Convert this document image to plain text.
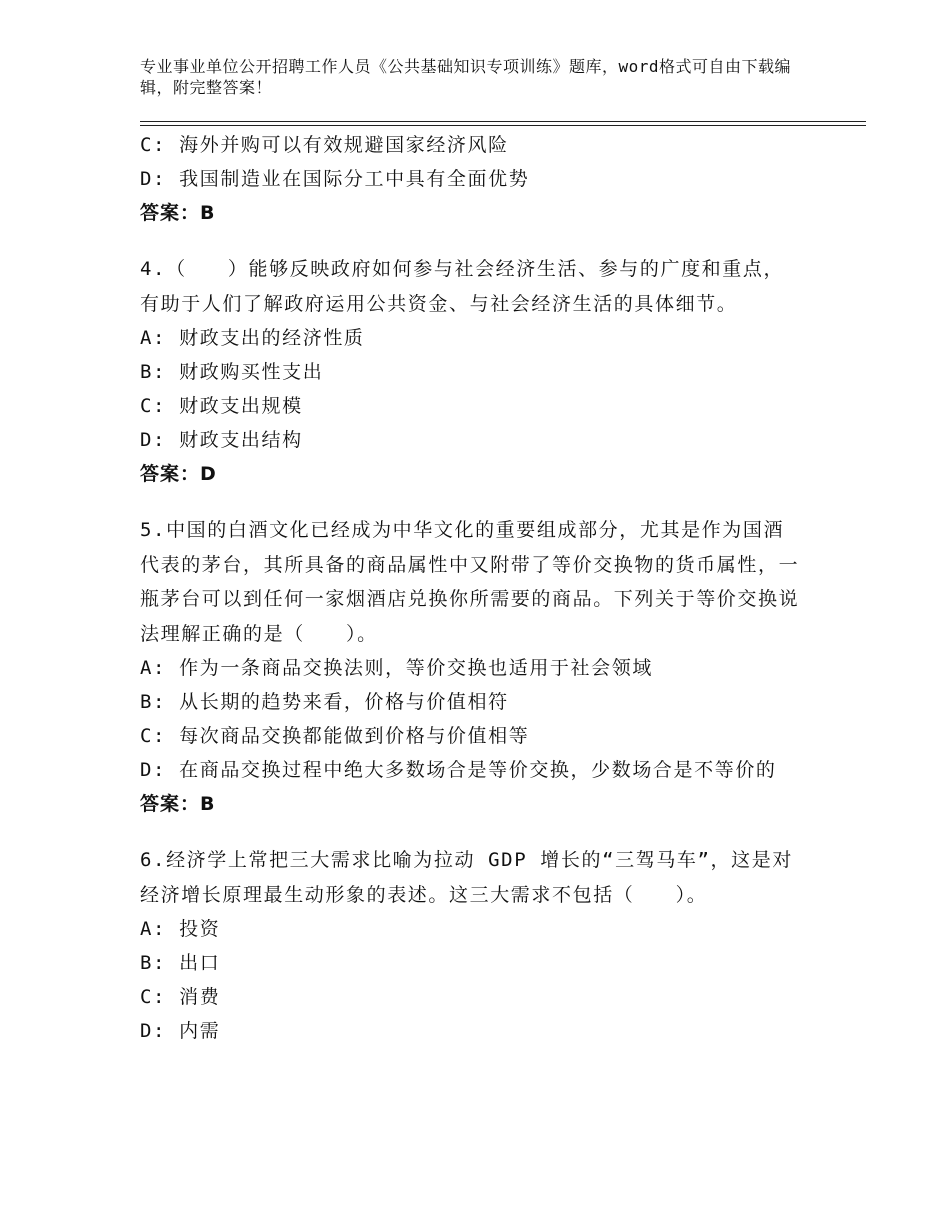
专业事业单位公开招聘工作人员《公共基础知识专项训练》题库，word格式可自由下载编辑，附完整答案！
C: 海外并购可以有效规避国家经济风险
D: 我国制造业在国际分工中具有全面优势
答案：B
4.（　　）能够反映政府如何参与社会经济生活、参与的广度和重点，有助于人们了解政府运用公共资金、与社会经济生活的具体细节。
A: 财政支出的经济性质
B: 财政购买性支出
C: 财政支出规模
D: 财政支出结构
答案：D
5.中国的白酒文化已经成为中华文化的重要组成部分，尤其是作为国酒代表的茅台，其所具备的商品属性中又附带了等价交换物的货币属性，一瓶茅台可以到任何一家烟酒店兑换你所需要的商品。下列关于等价交换说法理解正确的是（　　）。
A: 作为一条商品交换法则，等价交换也适用于社会领域
B: 从长期的趋势来看，价格与价值相符
C: 每次商品交换都能做到价格与价值相等
D: 在商品交换过程中绝大多数场合是等价交换，少数场合是不等价的
答案：B
6.经济学上常把三大需求比喻为拉动 GDP 增长的“三驾马车”，这是对经济增长原理最生动形象的表述。这三大需求不包括（　　）。
A: 投资
B: 出口
C: 消费
D: 内需
